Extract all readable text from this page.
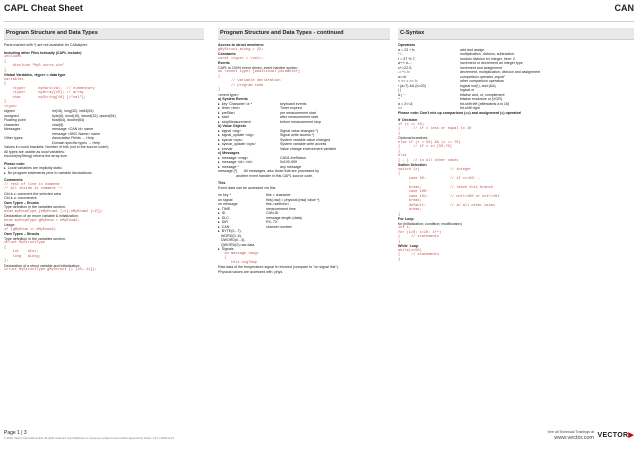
CAPL Cheat Sheet	CAN
Program Structure and Data Types
Parts marked with *) are not available for CANalyzer.
Including other Files textually (CAPL include)
includes
{
#include "MyS ource.cin"
}
Global Variables, <type> = data type
variables
{
<type>      myVar1=val;  // elementary
<type>      myArray[10]; // array
char        myString[10] [="val"];
}
<type>
signed	int(16), long(32), int64(64)
unsigned	byte(8), word(16), dword(32), qword(64)
Floating point	float(64), double(64)
character	char(8)
Messages	message <CAN id> name
message <DBC-Name> name
Other types	Associative Fields → Help
Domain specific types → Help
Values in round brackets: Number of bits (not in the source code!).
All types are usable as local variables.
elcount(myString) returns the array size.
Please note:
▸  Local variables are implicitly static.
▸  No program statements prior to variable declarations
Comments
// rest of line is comment
/* all inside is comment */
Ctrl-k-c: comment the selected area
Ctrl-k-u: uncomment
Own Types – Enums
Type definition in the variables section:
enum myEnumType {eMyEnum1 [=1],eMyEnum2 [=2]};
Declaration of an enum variable & initialization:
enum myEnumType gMyEnum = eMyEnum2;
Usage:
if (gMyEnum == eMyEnum2)
Own Types – Structs
Type definition in the variables section:
struct MyStructType
{
int    aInt;
long   aLong;
};
Declaration of a struct variable and initialization:
struct MyStructType gMyStruct [= {10,-11}];
Program Structure and Data Types - continued
Access to struct members:
gMyStruct.aLong = 22;
Constants
const <type> = <val>;
Events
CAPL is 100% event driven, event handler syntax:
on <event type> [additional parameter]
{
// variable declaration
// program code
}
<event type>
a) System Events
▸  key 'Character' or *	keyboard events
▸  timer <tmr>	Timer expired
▸  preStart	pre measurement start
▸  start	after measurement start
▸  stopMeasurement	before measurement stop
b) Value Objects
▸  signal <sig>	Signal value changed *)
▸  signal_update <sig>	Signal write access *)
▸  sysvar <sys>	System variable value changed
▸  sysvar_update <sys>	System variable write access
▸  envvar	Value change environment variable
c) Messages
▸  message <msg>	CAN1.frmStatus
▸  message <id>-<id>	0x100-999
▸  message *	any message
message [*]       All messages, also those that are processed by
another event handler in this CAPL source code.
This
Event data can be accessed via this.
on key *	this = character
on signal	this[.raw] = physical [raw] value *)
on message	this.<selector>
▸  TIME	measurement time
▸  ID	CAN-ID
▸  DLC	message length (data)
▸  DIR	RX, TX
▸  CAN	channel number
▸  BYTE(0...7),
WORD(0..6),
DWORD(0...4),
QWORD(0) raw data
▸  Signals
on message <msg>
{
this.sigTemp
Raw data of the temperature signal is returned (compare to "on signal this").
Physical values are accessed with .phys.
C-Syntax
Operators
a = 23 + b;	add and assign
* / -	multiplication, division, subtraction
r = 37 % 7;	modulo division for integer, here: 2
a++; b--;	increment or decrement an integer type
c+=22.0;	increment and assignment
-= *= /=	decrement, multiplication, division and assignment
a==b	comparison operator „equal"
< <= > >= !=	other comparison operators
! (a<7) && (b>20)	logical not(!), and (&&)
| |	logical or
& | ~	bitwise and, or, complement
^	bitwise exclusive or (XOR)
a = 2<<3;	bit-shift left (afterwards a is 16)
>>	bit-shift right
Please note: Don't mix up comparison (==) and assignment (=) operator!
If  Decision
if (x <= 10)
{      // if x less or equal to 10
}
Optional branches:
else if (x > 50) && (x <= 70)
{      // if x in [50,70]
}
else
{ … }  // in all other cases
Switch Selection
switch (x)              // integer
{
case 50:           // if x==50: …
…
break;             // leave this branch
case 100:
case 101:          // cnt+=100 or cnt+=101
break;
default:           // in all other cases
break;
}
For Loop
for (initialization; condition; modification)
int i;
for (i=0; i<10; i++)
{     // statements
}
While  Loop
while(x<50)
{     // statements
}
Page 1 | 3
© 2016. Vector Informatik GmbH. All rights reserved. Any distribution or copying is subject to prior written approval by Vector. V1.0 | 2016-12-21
See all Technical Trainings at
www.vector.com VECTOR▶
